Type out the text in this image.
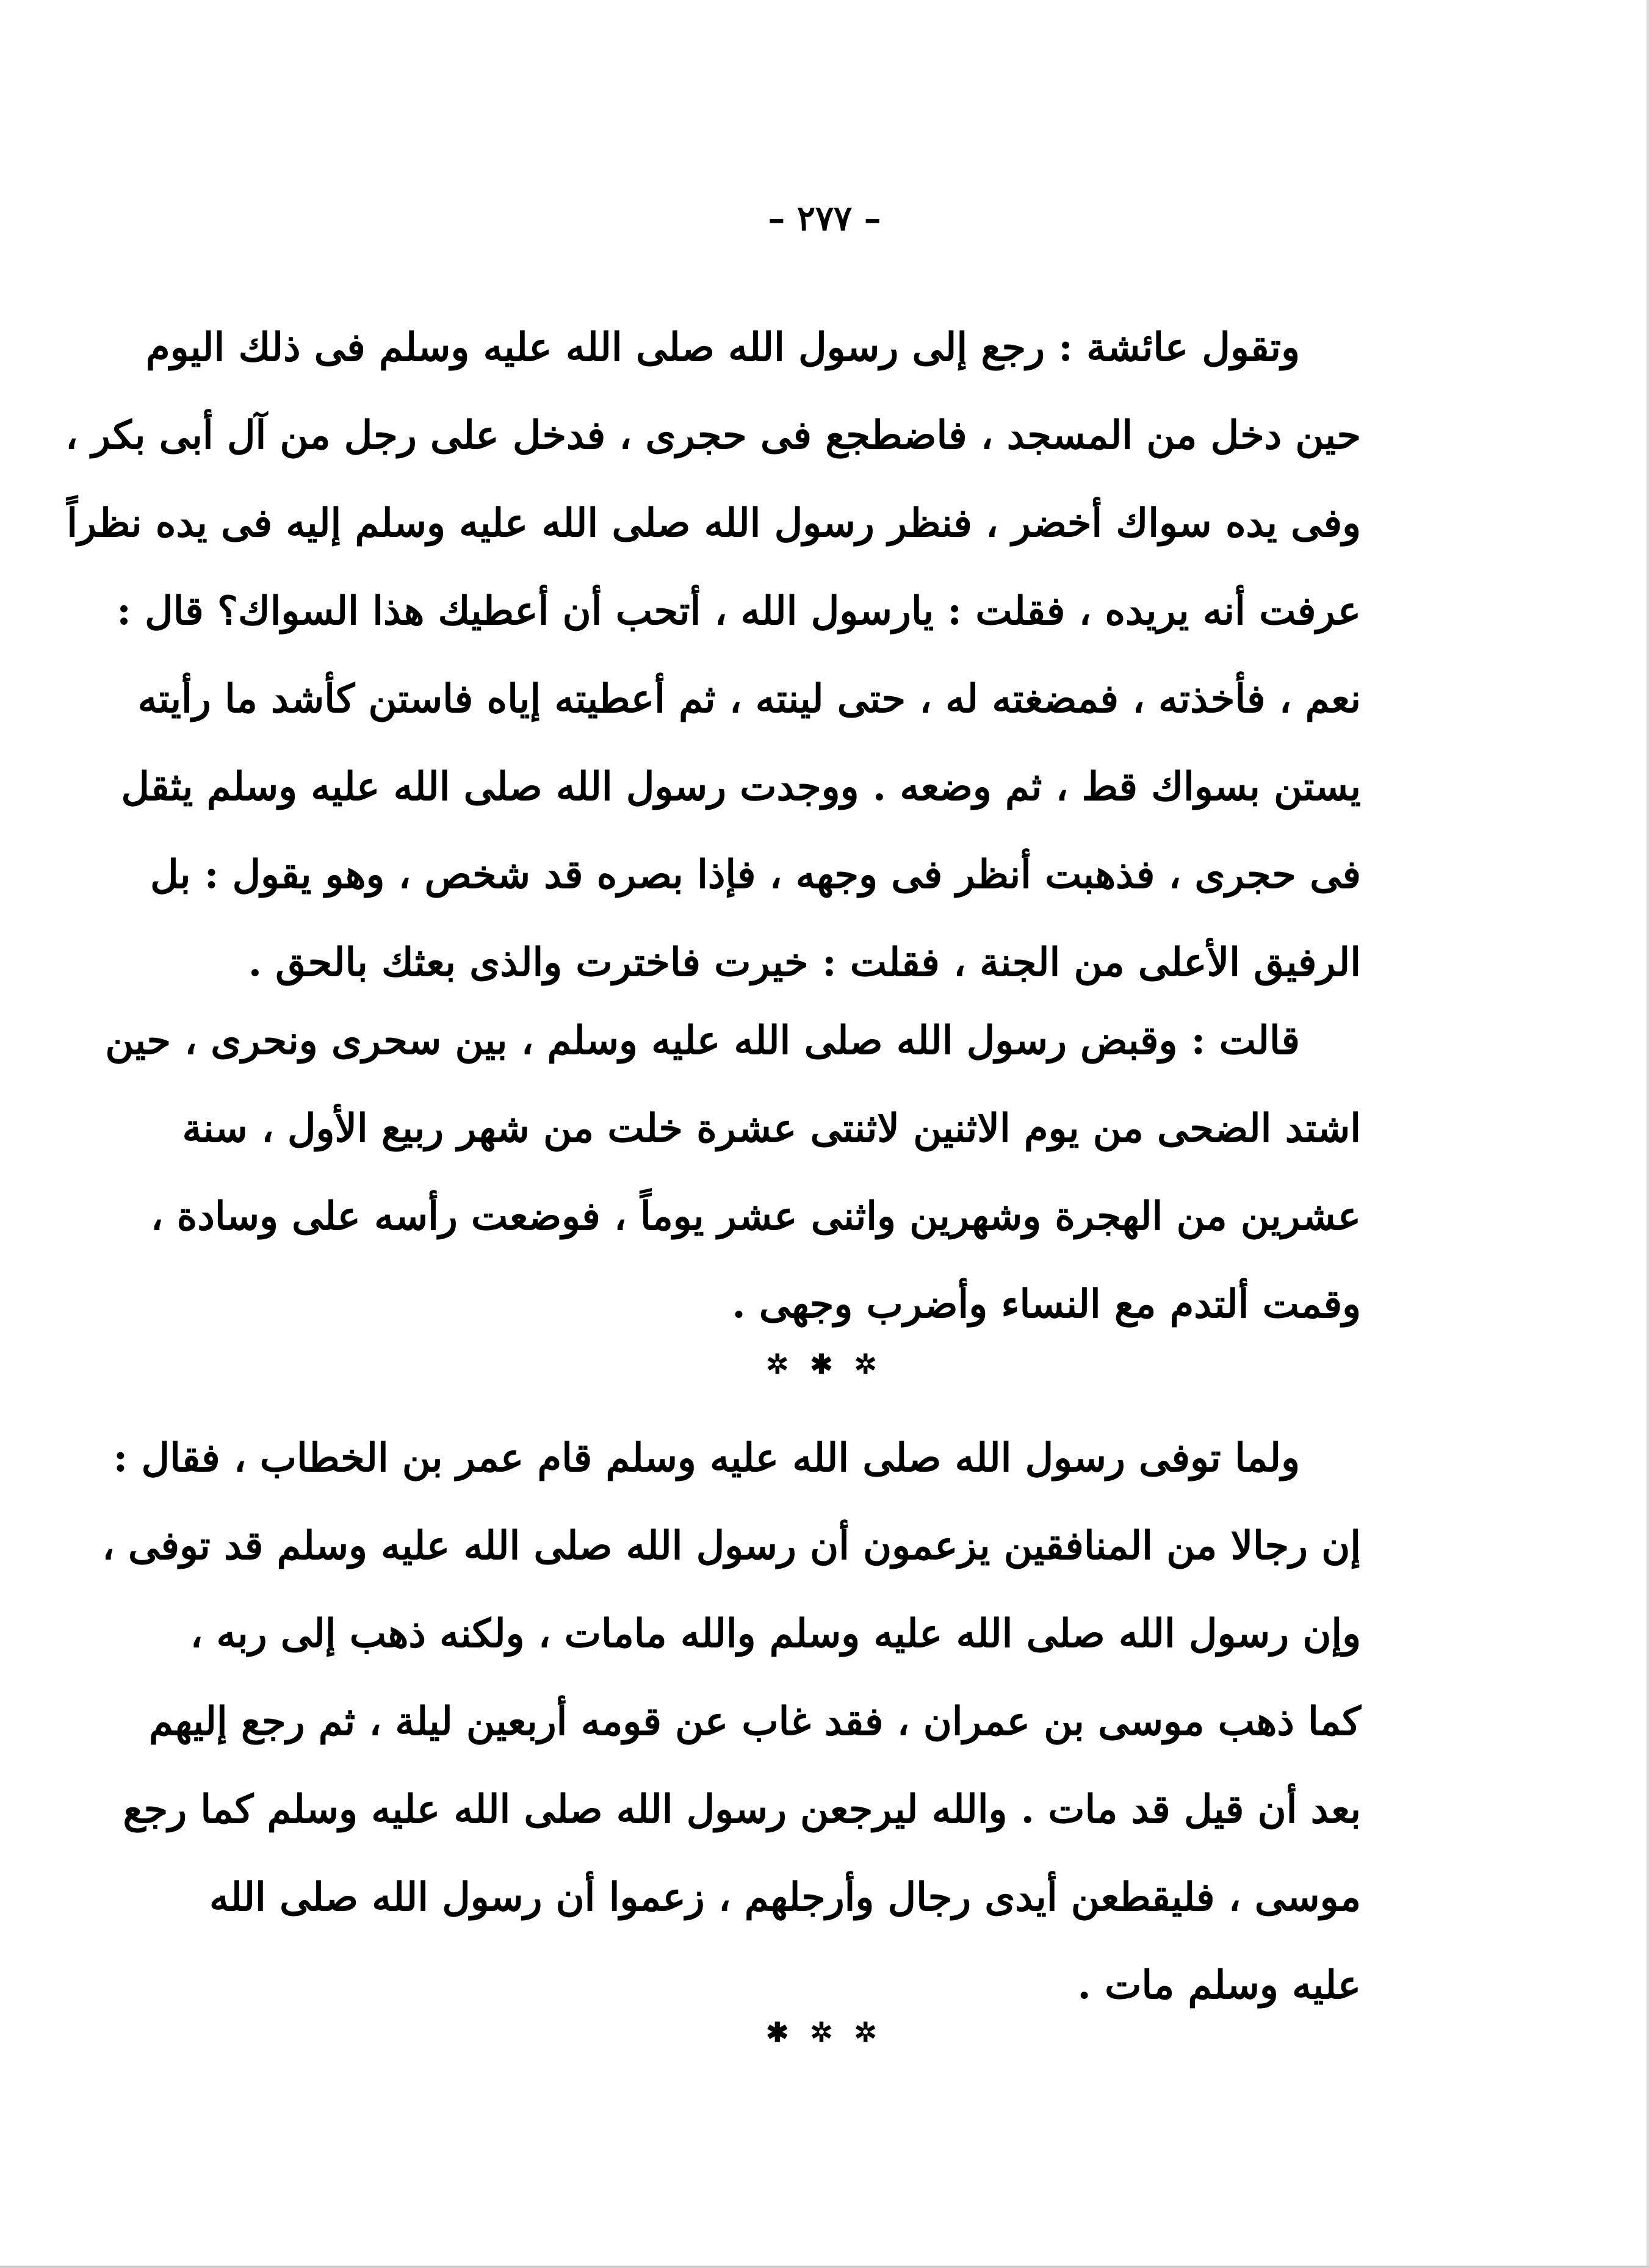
– ٢٧٧ –
وتقول عائشة : رجع إلى رسول الله صلى الله عليه وسلم فى ذلك اليوم
حين دخل من المسجد ، فاضطجع فى حجرى ، فدخل على رجل من آل أبى بكر ،
وفى يده سواك أخضر ، فنظر رسول الله صلى الله عليه وسلم إليه فى يده نظراً
عرفت أنه يريده ، فقلت : يارسول الله ، أتحب أن أعطيك هذا السواك؟ قال :
نعم ، فأخذته ، فمضغته له ، حتى لينته ، ثم أعطيته إياه فاستن كأشد ما رأيته
يستن بسواك قط ، ثم وضعه . ووجدت رسول الله صلى الله عليه وسلم يثقل
فى حجرى ، فذهبت أنظر فى وجهه ، فإذا بصره قد شخص ، وهو يقول : بل
الرفيق الأعلى من الجنة ، فقلت : خيرت فاخترت والذى بعثك بالحق .
قالت : وقبض رسول الله صلى الله عليه وسلم ، بين سحرى ونحرى ، حين
اشتد الضحى من يوم الاثنين لاثنتى عشرة خلت من شهر ربيع الأول ، سنة
عشرين من الهجرة وشهرين واثنى عشر يوماً ، فوضعت رأسه على وسادة ،
وقمت ألتدم مع النساء وأضرب وجهى .
✲ ✱ ✲
ولما توفى رسول الله صلى الله عليه وسلم قام عمر بن الخطاب ، فقال :
إن رجالا من المنافقين يزعمون أن رسول الله صلى الله عليه وسلم قد توفى ،
وإن رسول الله صلى الله عليه وسلم والله مامات ، ولكنه ذهب إلى ربه ،
كما ذهب موسى بن عمران ، فقد غاب عن قومه أربعين ليلة ، ثم رجع إليهم
بعد أن قيل قد مات . والله ليرجعن رسول الله صلى الله عليه وسلم كما رجع
موسى ، فليقطعن أيدى رجال وأرجلهم ، زعموا أن رسول الله صلى الله
عليه وسلم مات .
✱ ✲ ✲
